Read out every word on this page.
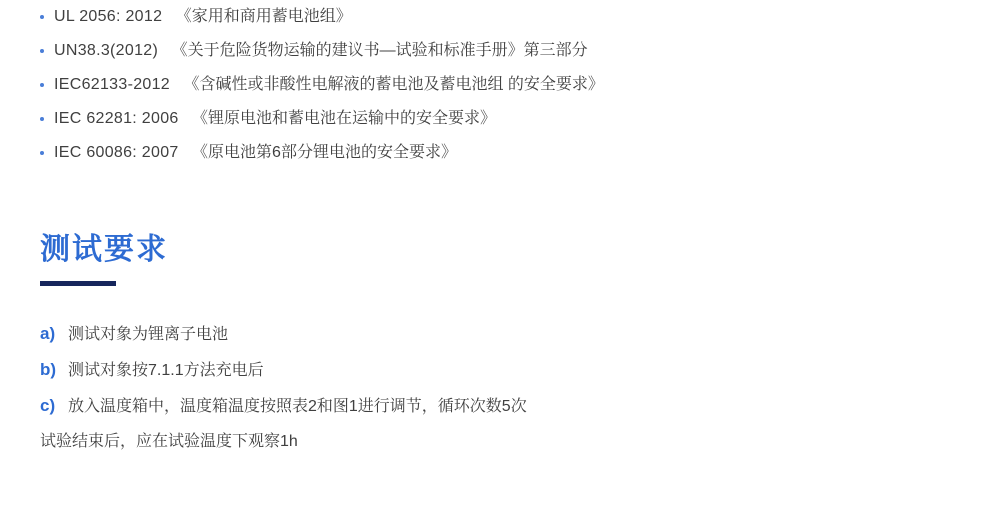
UL 2056: 2012 《家用和商用蓄电池组》
UN38.3(2012) 《关于危险货物运输的建议书—试验和标准手册》第三部分
IEC62133-2012 《含碱性或非酸性电解液的蓄电池及蓄电池组 的安全要求》
IEC 62281: 2006 《锂原电池和蓄电池在运输中的安全要求》
IEC 60086: 2007 《原电池第6部分锂电池的安全要求》
测试要求
a) 测试对象为锂离子电池
b) 测试对象按7.1.1方法充电后
c) 放入温度箱中，温度箱温度按照表2和图1进行调节，循环次数5次
试验结束后，应在试验温度下观察1h
